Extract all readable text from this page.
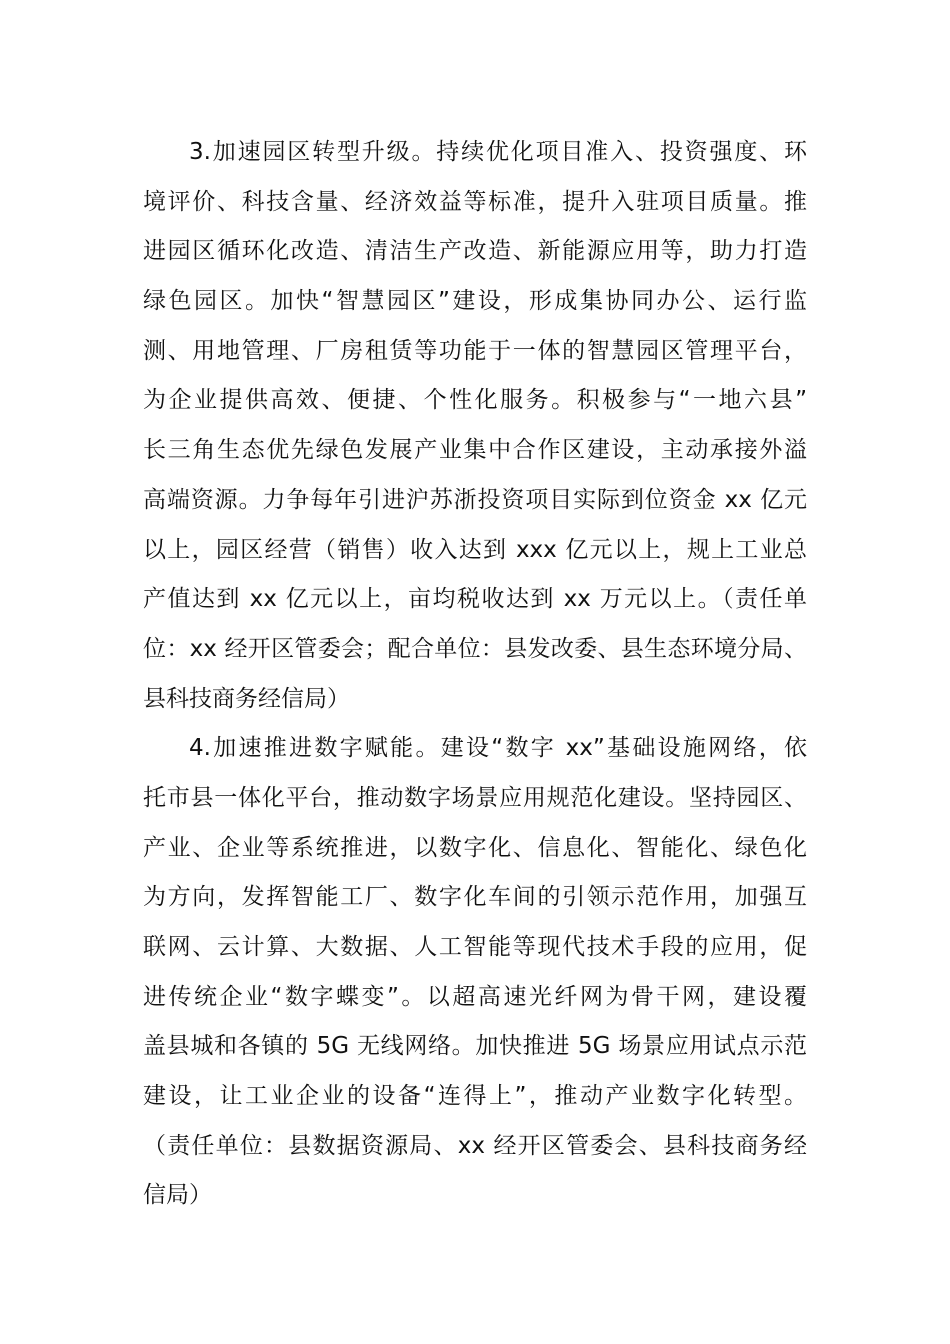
3.加速园区转型升级。持续优化项目准入、投资强度、环
境评价、科技含量、经济效益等标准，提升入驻项目质量。推
进园区循环化改造、清洁生产改造、新能源应用等，助力打造
绿色园区。加快“智慧园区”建设，形成集协同办公、运行监
测、用地管理、厂房租赁等功能于一体的智慧园区管理平台，
为企业提供高效、便捷、个性化服务。积极参与“一地六县”
长三角生态优先绿色发展产业集中合作区建设，主动承接外溢
高端资源。力争每年引进沪苏浙投资项目实际到位资金 xx 亿元
以上，园区经营（销售）收入达到 xxx 亿元以上，规上工业总
产值达到 xx 亿元以上，亩均税收达到 xx 万元以上。（责任单
位：xx 经开区管委会；配合单位：县发改委、县生态环境分局、
县科技商务经信局）
4.加速推进数字赋能。建设“数字 xx”基础设施网络，依
托市县一体化平台，推动数字场景应用规范化建设。坚持园区、
产业、企业等系统推进，以数字化、信息化、智能化、绿色化
为方向，发挥智能工厂、数字化车间的引领示范作用，加强互
联网、云计算、大数据、人工智能等现代技术手段的应用，促
进传统企业“数字蝶变”。以超高速光纤网为骨干网，建设覆
盖县城和各镇的 5G 无线网络。加快推进 5G 场景应用试点示范
建设，让工业企业的设备“连得上”，推动产业数字化转型。
（责任单位：县数据资源局、xx 经开区管委会、县科技商务经
信局）
